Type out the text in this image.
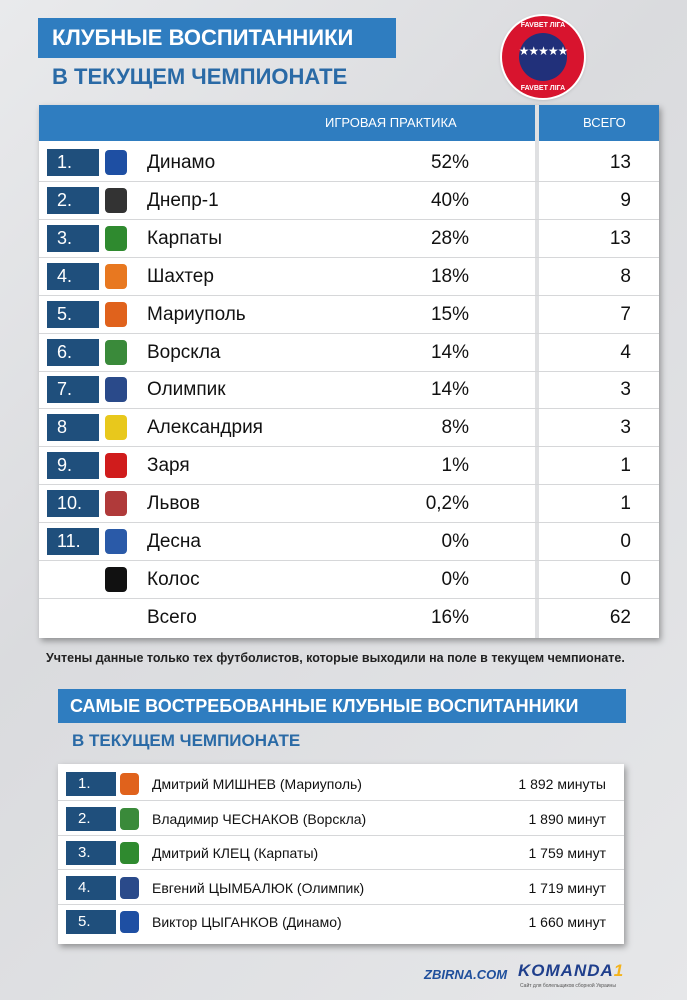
КЛУБНЫЕ ВОСПИТАННИКИ
В ТЕКУЩЕМ ЧЕМПИОНАТЕ
FAVBET ЛІГА
★★★★★
FAVBET ЛІГА
ИГРОВАЯ ПРАКТИКА	ВСЕГО
1.	Динамо	52%	13
2.	Днепр-1	40%	9
3.	Карпаты	28%	13
4.	Шахтер	18%	8
5.	Мариуполь	15%	7
6.	Ворскла	14%	4
7.	Олимпик	14%	3
8	Александрия	8%	3
9.	Заря	1%	1
10.	Львов	0,2%	1
11.	Десна	0%	0
Колос	0%	0
Всего	16%	62
Учтены данные только тех футболистов, которые выходили на поле в текущем чемпионате.
САМЫЕ ВОСТРЕБОВАННЫЕ КЛУБНЫЕ ВОСПИТАННИКИ
В ТЕКУЩЕМ ЧЕМПИОНАТЕ
1.	Дмитрий МИШНЕВ (Мариуполь)	1 892 минуты
2.	Владимир ЧЕСНАКОВ (Ворскла)	1 890 минут
3.	Дмитрий КЛЕЦ (Карпаты)	1 759 минут
4.	Евгений ЦЫМБАЛЮК (Олимпик)	1 719 минут
5.	Виктор ЦЫГАНКОВ (Динамо)	1 660 минут
ZBIRNA.COM KOMANDA1
Сайт для болельщиков сборной Украины
